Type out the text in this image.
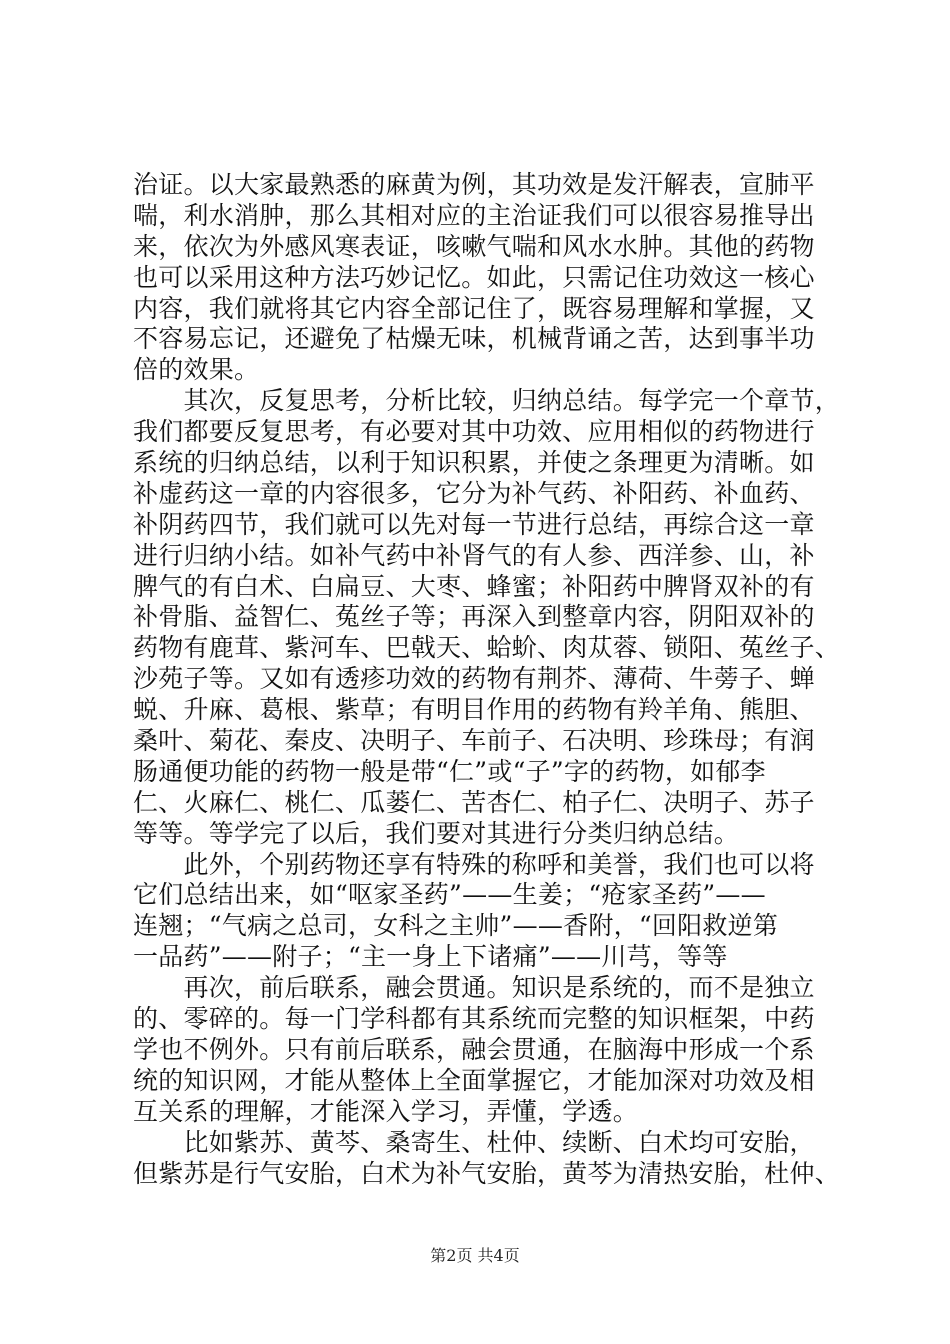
治证。以大家最熟悉的麻黄为例，其功效是发汗解表，宣肺平
喘，利水消肿，那么其相对应的主治证我们可以很容易推导出
来，依次为外感风寒表证，咳嗽气喘和风水水肿。其他的药物
也可以采用这种方法巧妙记忆。如此，只需记住功效这一核心
内容，我们就将其它内容全部记住了，既容易理解和掌握，又
不容易忘记，还避免了枯燥无味，机械背诵之苦，达到事半功
倍的效果。
　　其次，反复思考，分析比较，归纳总结。每学完一个章节，
我们都要反复思考，有必要对其中功效、应用相似的药物进行
系统的归纳总结，以利于知识积累，并使之条理更为清晰。如
补虚药这一章的内容很多，它分为补气药、补阳药、补血药、
补阴药四节，我们就可以先对每一节进行总结，再综合这一章
进行归纳小结。如补气药中补肾气的有人参、西洋参、山，补
脾气的有白术、白扁豆、大枣、蜂蜜；补阳药中脾肾双补的有
补骨脂、益智仁、菟丝子等；再深入到整章内容，阴阳双补的
药物有鹿茸、紫河车、巴戟天、蛤蚧、肉苁蓉、锁阳、菟丝子、
沙苑子等。又如有透疹功效的药物有荆芥、薄荷、牛蒡子、蝉
蜕、升麻、葛根、紫草；有明目作用的药物有羚羊角、熊胆、
桑叶、菊花、秦皮、决明子、车前子、石决明、珍珠母；有润
肠通便功能的药物一般是带“仁”或“子”字的药物，如郁李
仁、火麻仁、桃仁、瓜蒌仁、苦杏仁、柏子仁、决明子、苏子
等等。等学完了以后，我们要对其进行分类归纳总结。
　　此外，个别药物还享有特殊的称呼和美誉，我们也可以将
它们总结出来，如“呕家圣药”——生姜；“疮家圣药”——
连翘；“气病之总司，女科之主帅”——香附，“回阳救逆第
一品药”——附子；“主一身上下诸痛”——川芎，等等
　　再次，前后联系，融会贯通。知识是系统的，而不是独立
的、零碎的。每一门学科都有其系统而完整的知识框架，中药
学也不例外。只有前后联系，融会贯通，在脑海中形成一个系
统的知识网，才能从整体上全面掌握它，才能加深对功效及相
互关系的理解，才能深入学习，弄懂，学透。
　　比如紫苏、黄芩、桑寄生、杜仲、续断、白术均可安胎，
但紫苏是行气安胎，白术为补气安胎，黄芩为清热安胎，杜仲、
第2页 共4页
